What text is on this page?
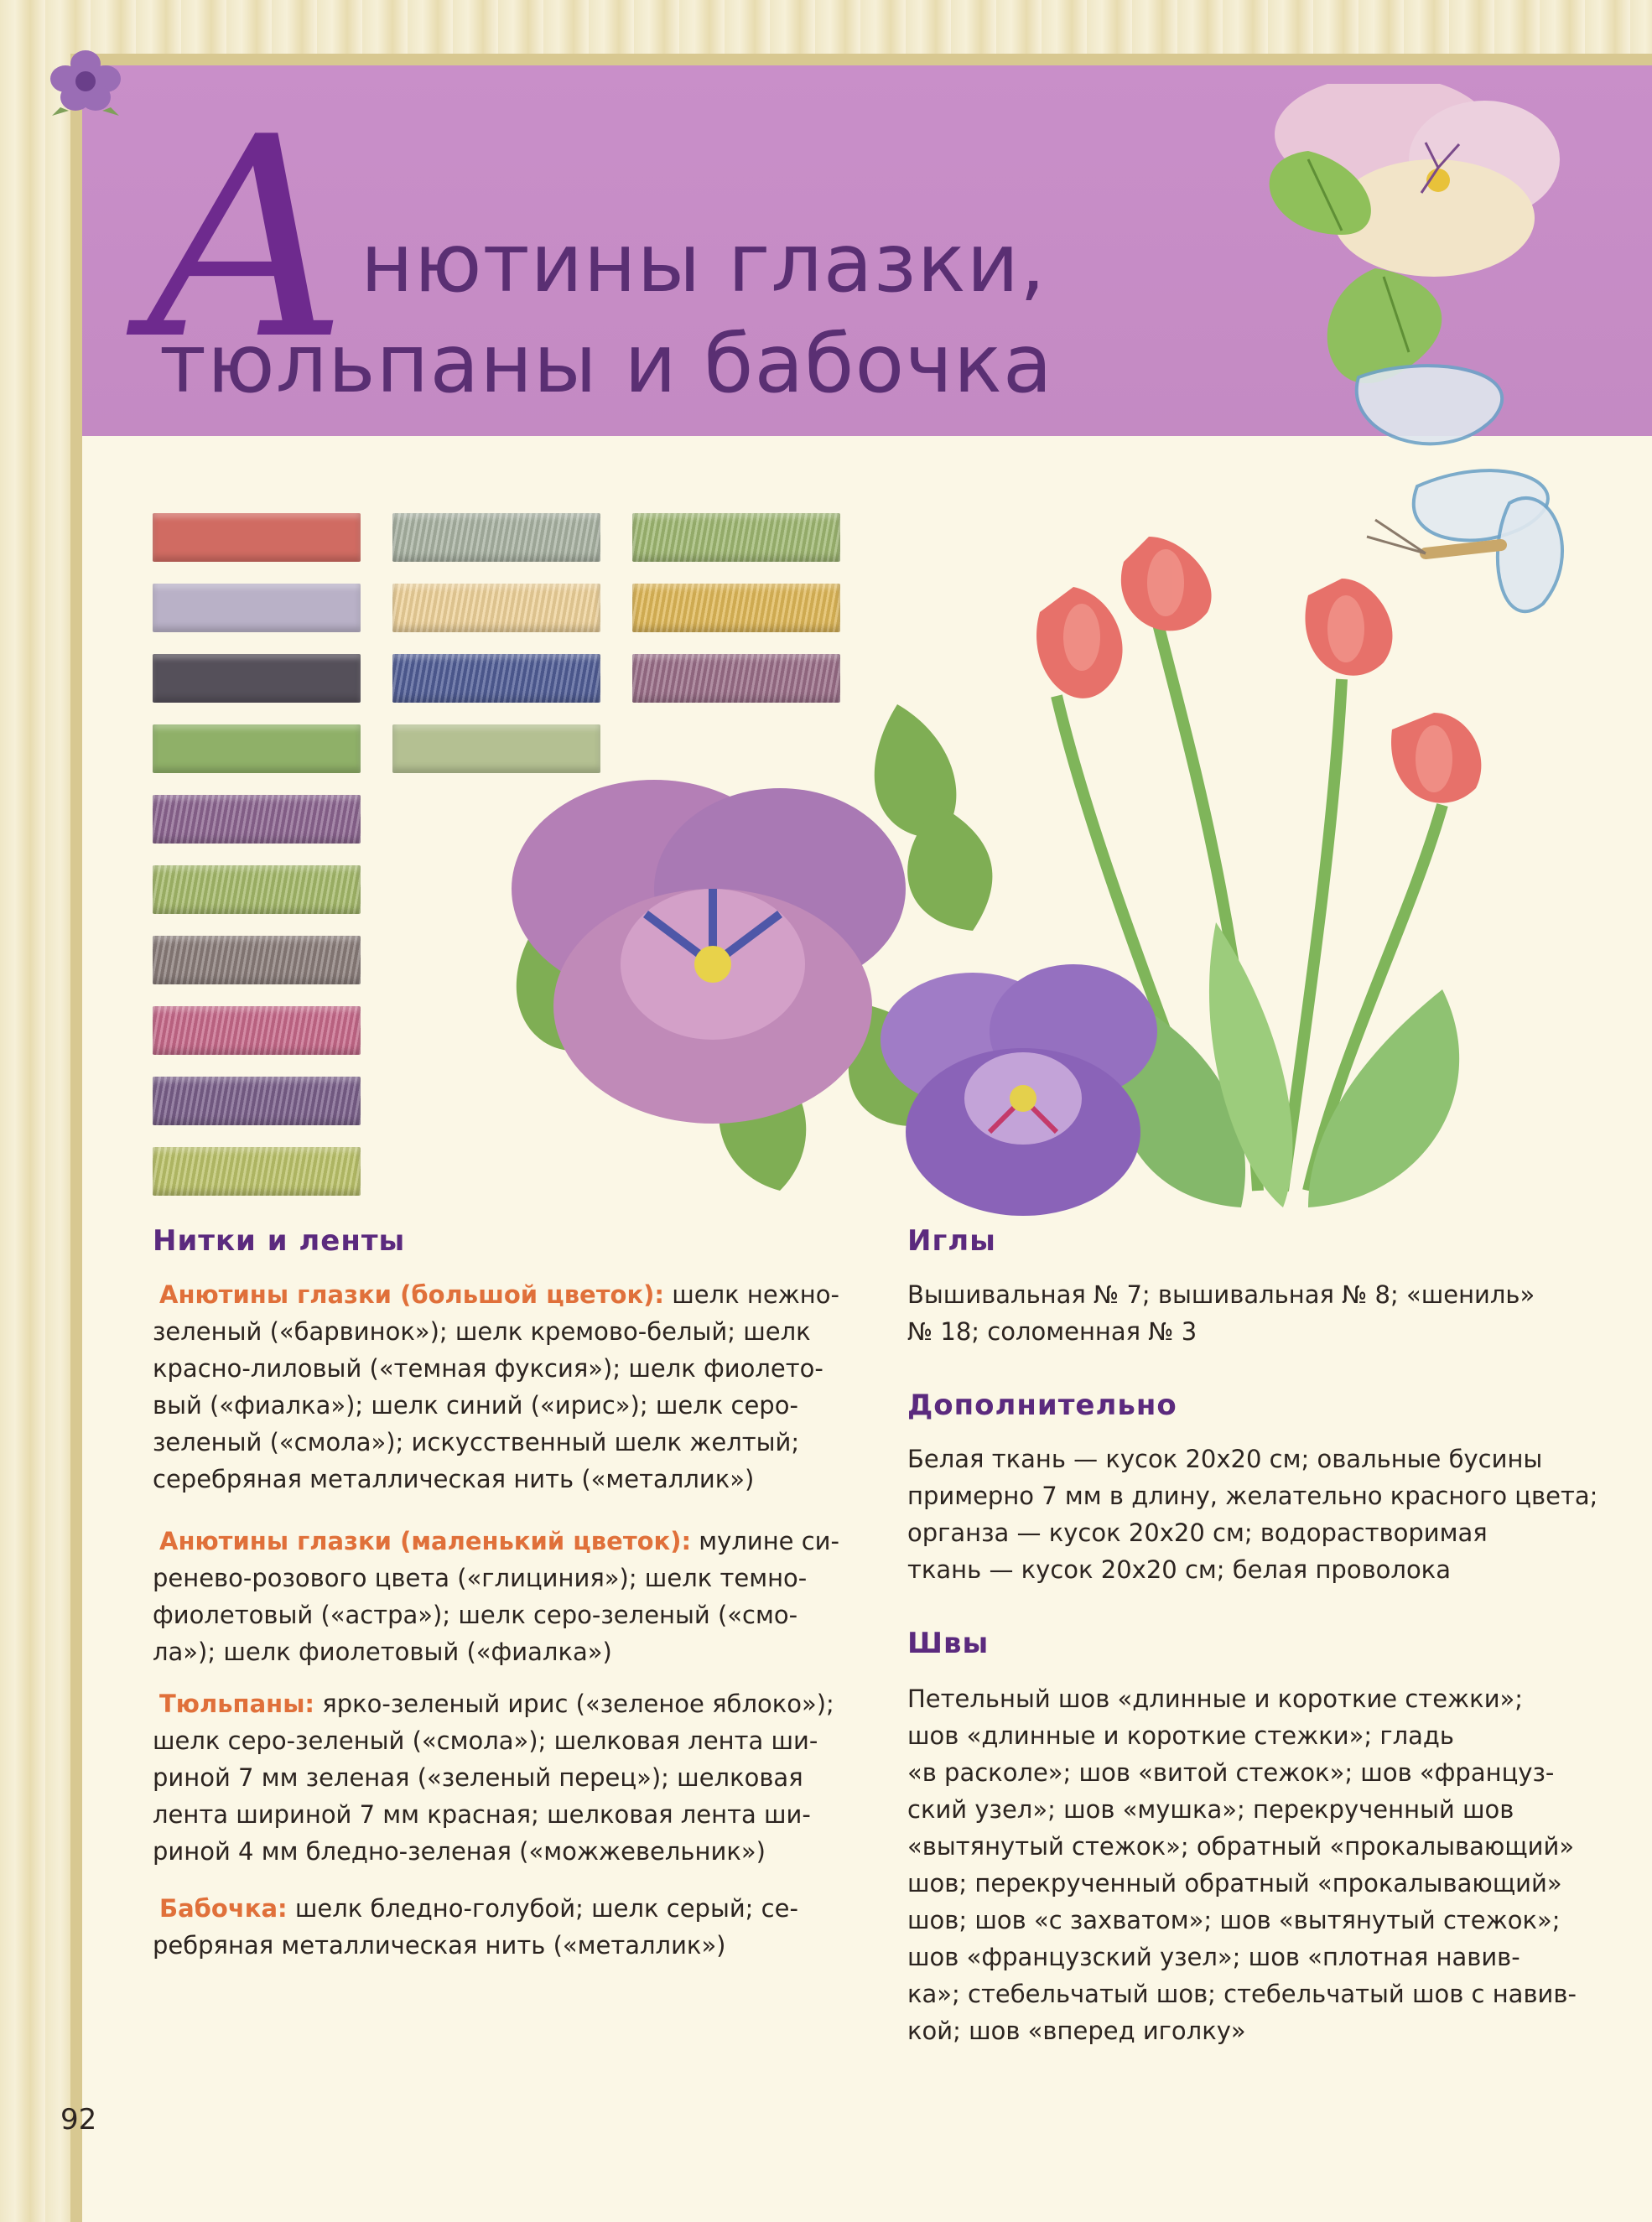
А нютины глазки,
тюльпаны и бабочка
Нитки и ленты
Анютины глазки (большой цветок): шелк нежно-
зеленый («барвинок»); шелк кремово-белый; шелк
красно-лиловый («темная фуксия»); шелк фиолето-
вый («фиалка»); шелк синий («ирис»); шелк серо-
зеленый («смола»); искусственный шелк желтый;
серебряная металлическая нить («металлик»)
Анютины глазки (маленький цветок): мулине си-
ренево-розового цвета («глициния»); шелк темно-
фиолетовый («астра»); шелк серо-зеленый («смо-
ла»); шелк фиолетовый («фиалка»)
Тюльпаны: ярко-зеленый ирис («зеленое яблоко»);
шелк серо-зеленый («смола»); шелковая лента ши-
риной 7 мм зеленая («зеленый перец»); шелковая
лента шириной 7 мм красная; шелковая лента ши-
риной 4 мм бледно-зеленая («можжевельник»)
Бабочка: шелк бледно-голубой; шелк серый; се-
ребряная металлическая нить («металлик»)
Иглы
Вышивальная № 7; вышивальная № 8; «шениль»
№ 18; соломенная № 3
Дополнительно
Белая ткань — кусок 20x20 см; овальные бусины
примерно 7 мм в длину, желательно красного цвета;
органза — кусок 20x20 см; водорастворимая
ткань — кусок 20x20 см; белая проволока
Швы
Петельный шов «длинные и короткие стежки»;
шов «длинные и короткие стежки»; гладь
«в расколе»; шов «витой стежок»; шов «француз-
ский узел»; шов «мушка»; перекрученный шов
«вытянутый стежок»; обратный «прокалывающий»
шов; перекрученный обратный «прокалывающий»
шов; шов «с захватом»; шов «вытянутый стежок»;
шов «французский узел»; шов «плотная навив-
ка»; стебельчатый шов; стебельчатый шов с навив-
кой; шов «вперед иголку»
92
